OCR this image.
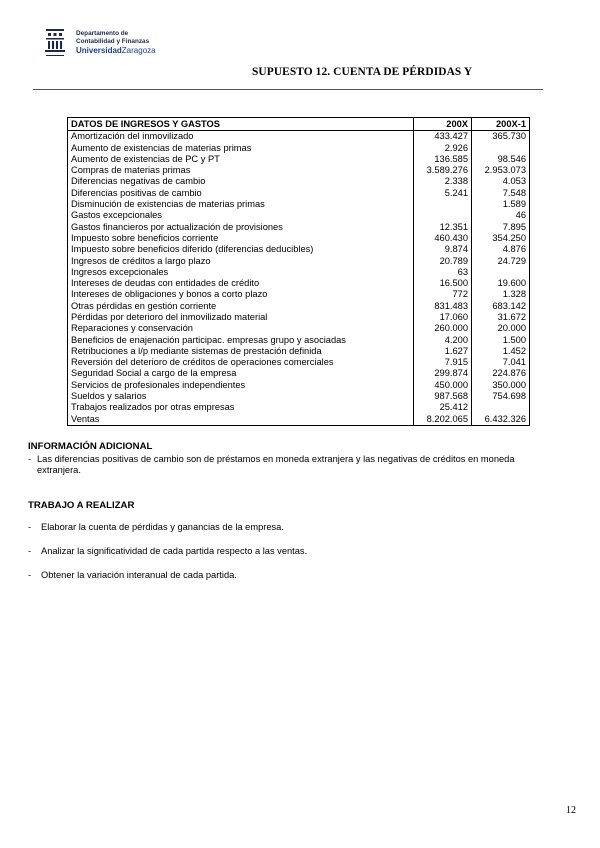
Departamento de
Contabilidad y Finanzas
UniversidadZaragoza
SUPUESTO 12. CUENTA DE PÉRDIDAS Y
DATOS DE INGRESOS Y GASTOS	200X	200X-1
Amortización del inmovilizado	433.427	365.730
Aumento de existencias de materias primas	2.926	
Aumento de existencias de PC y PT	136.585	98.546
Compras de materias primas	3.589.276	2.953.073
Diferencias negativas de cambio	2.338	4.053
Diferencias positivas de cambio	5.241	7.548
Disminución de existencias de materias primas		1.589
Gastos excepcionales		46
Gastos financieros por actualización de provisiones	12.351	7.895
Impuesto sobre beneficios corriente	460.430	354.250
Impuesto sobre beneficios diferido (diferencias deducibles)	9.874	4.876
Ingresos de créditos a largo plazo	20.789	24.729
Ingresos excepcionales	63	
Intereses de deudas con entidades de crédito	16.500	19.600
Intereses de obligaciones y bonos a corto plazo	772	1.328
Otras pérdidas en gestión corriente	831.483	683.142
Pérdidas por deterioro del inmovilizado material	17.060	31.672
Reparaciones y conservación	260.000	20.000
Beneficios de enajenación participac. empresas grupo y asociadas	4.200	1.500
Retribuciones a l/p mediante sistemas de prestación definida	1.627	1.452
Reversión del deterioro de créditos de operaciones comerciales	7.915	7.041
Seguridad Social a cargo de la empresa	299.874	224.876
Servicios de profesionales independientes	450.000	350.000
Sueldos y salarios	987.568	754.698
Trabajos realizados por otras empresas	25.412	
Ventas	8.202.065	6.432.326
INFORMACIÓN ADICIONAL
- Las diferencias positivas de cambio son de préstamos en moneda extranjera y las negativas de créditos en moneda extranjera.
TRABAJO A REALIZAR
- Elaborar la cuenta de pérdidas y ganancias de la empresa.
- Analizar la significatividad de cada partida respecto a las ventas.
- Obtener la variación interanual de cada partida.
12
